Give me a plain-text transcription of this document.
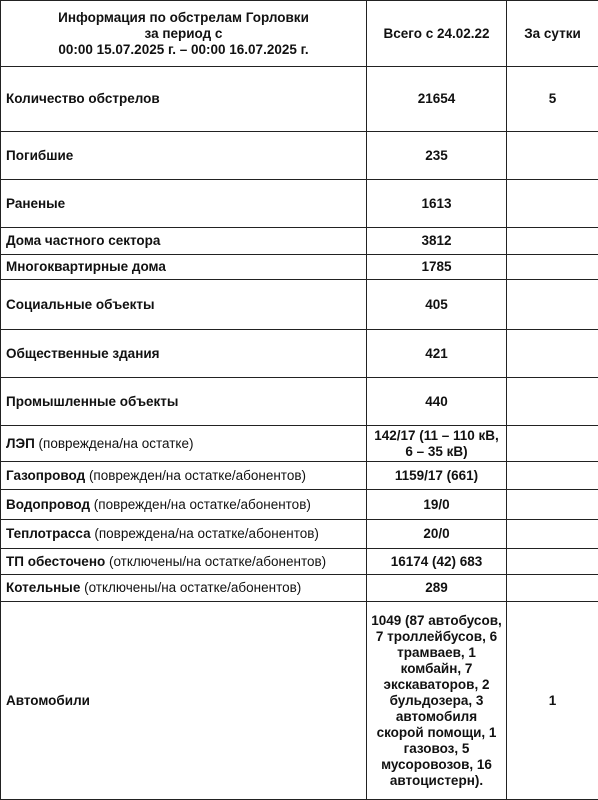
Информация по обстрелам Горловки
за период с
00:00 15.07.2025 г. – 00:00 16.07.2025 г.	Всего с 24.02.22	За сутки
Количество обстрелов	21654	5
Погибшие	235	
Раненые	1613	
Дома частного сектора	3812	
Многоквартирные дома	1785	
Социальные объекты	405	
Общественные здания	421	
Промышленные объекты	440	
ЛЭП (повреждена/на остатке)	142/17 (11 – 110 кВ, 6 – 35 кВ)	
Газопровод (поврежден/на остатке/абонентов)	1159/17 (661)	
Водопровод (поврежден/на остатке/абонентов)	19/0	
Теплотрасса (повреждена/на остатке/абонентов)	20/0	
ТП обесточено (отключены/на остатке/абонентов)	16174 (42) 683	
Котельные (отключены/на остатке/абонентов)	289	
Автомобили	1049 (87 автобусов, 7 троллейбусов, 6 трамваев, 1 комбайн, 7 экскаваторов, 2 бульдозера, 3 автомобиля скорой помощи, 1 газовоз, 5 мусоровозов, 16 автоцистерн).	1
